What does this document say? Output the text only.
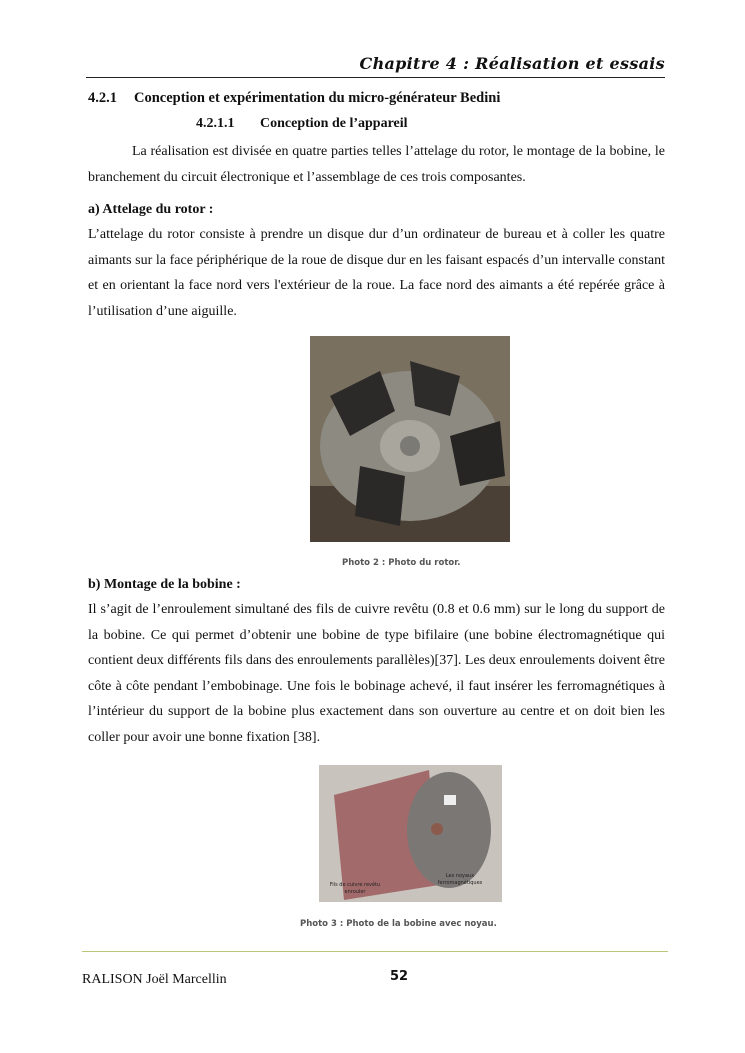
Chapitre 4 : Réalisation et essais
4.2.1 Conception et expérimentation du micro-générateur Bedini
4.2.1.1 Conception de l’appareil

La réalisation est divisée en quatre parties telles l’attelage du rotor, le montage de la bobine, le branchement du circuit électronique et l’assemblage de ces trois composantes.

a) Attelage du rotor :

L’attelage du rotor consiste à prendre un disque dur d’un ordinateur de bureau et à coller les quatre aimants sur la face périphérique de la roue de disque dur en les faisant espacés d’un intervalle constant et en orientant la face nord vers l'extérieur de la roue. La face nord des aimants a été repérée grâce à l’utilisation d’une aiguille.

Photo 2 : Photo du rotor.
b) Montage de la bobine :

Il s’agit de l’enroulement simultané des fils de cuivre revêtu (0.8 et 0.6 mm) sur le long du support de la bobine. Ce qui permet d’obtenir une bobine de type bifilaire (une bobine électromagnétique qui contient deux différents fils dans des enroulements parallèles)[37]. Les deux enroulements doivent être côte à côte pendant l’embobinage. Une fois le bobinage achevé, il faut insérer les ferromagnétiques à l’intérieur du support de la bobine plus exactement dans son ouverture au centre et on doit bien les coller pour avoir une bonne fixation [38].

Fils de cuivre revêtu enrouler
Les noyaux ferromagnétiques
Photo 3 : Photo de la bobine avec noyau.
RALISON Joël Marcellin	52
